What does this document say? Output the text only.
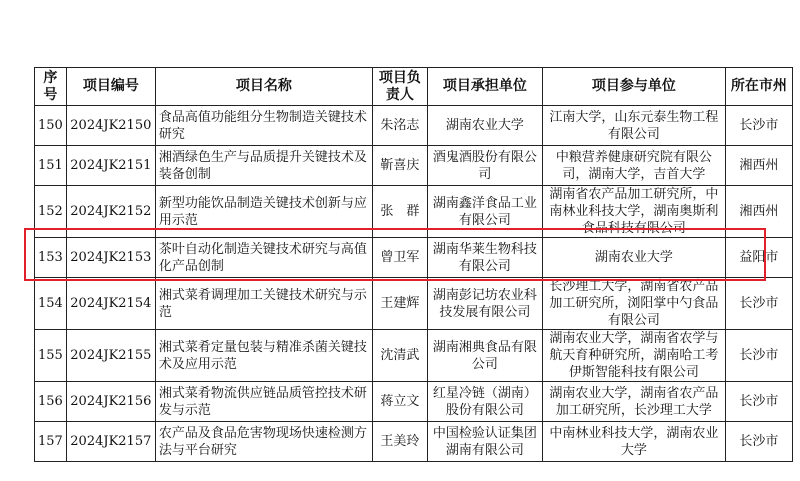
序号	项目编号	项目名称	项目负责人	项目承担单位	项目参与单位	所在市州
150	2024JK2150	食品高值功能组分生物制造关键技术研究	朱洺志	湖南农业大学	江南大学，山东元泰生物工程有限公司	长沙市
151	2024JK2151	湘酒绿色生产与品质提升关键技术及装备创制	靳喜庆	酒鬼酒股份有限公司	中粮营养健康研究院有限公司，湖南大学，吉首大学	湘西州
152	2024JK2152	新型功能饮品制造关键技术创新与应用示范	张　群	湖南鑫洋食品工业有限公司	湖南省农产品加工研究所，中南林业科技大学，湖南奥斯利食品科技有限公司	湘西州
153	2024JK2153	茶叶自动化制造关键技术研究与高值化产品创制	曾卫军	湖南华莱生物科技有限公司	湖南农业大学	益阳市
154	2024JK2154	湘式菜肴调理加工关键技术研究与示范	王建辉	湖南彭记坊农业科技发展有限公司	长沙理工大学，湖南省农产品加工研究所，浏阳掌中勺食品有限公司	长沙市
155	2024JK2155	湘式菜肴定量包装与精准杀菌关键技术及应用示范	沈清武	湖南湘典食品有限公司	湖南农业大学，湖南省农学与航天育种研究所，湖南哈工考伊斯智能科技有限公司	长沙市
156	2024JK2156	湘式菜肴物流供应链品质管控技术研发与示范	蒋立文	红星冷链（湖南）股份有限公司	湖南农业大学，湖南省农产品加工研究所，长沙理工大学	长沙市
157	2024JK2157	农产品及食品危害物现场快速检测方法与平台研究	王美玲	中国检验认证集团湖南有限公司	中南林业科技大学，湖南农业大学	长沙市
